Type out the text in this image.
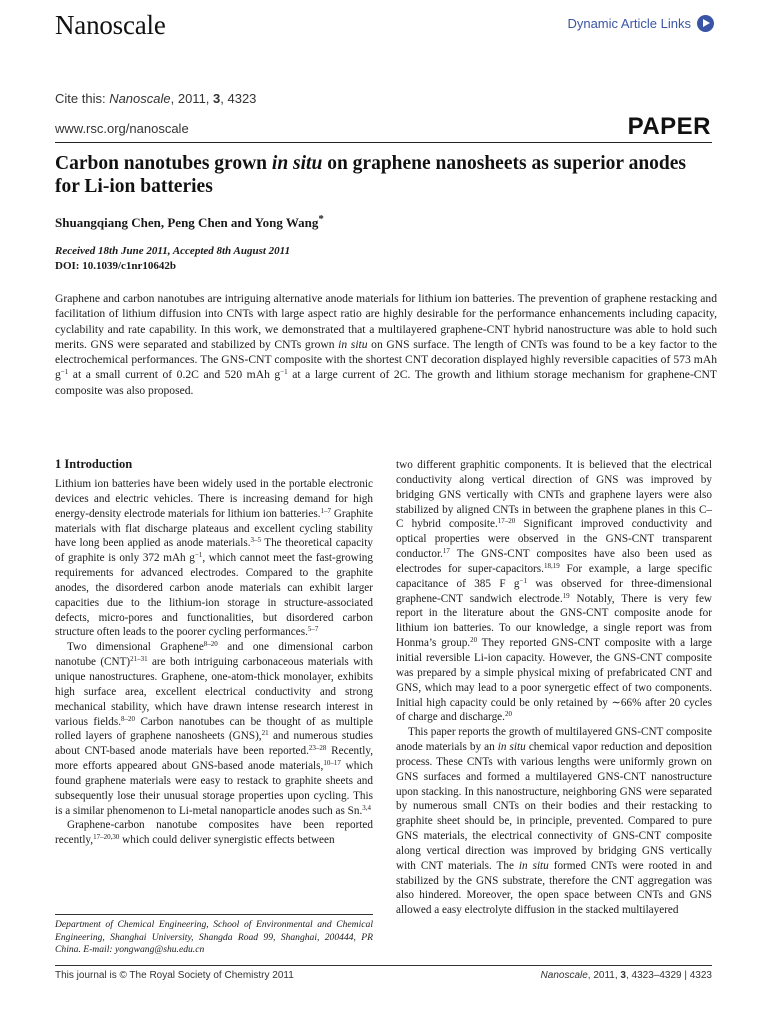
Nanoscale	Dynamic Article Links
Cite this: Nanoscale, 2011, 3, 4323
www.rsc.org/nanoscale	PAPER
Carbon nanotubes grown in situ on graphene nanosheets as superior anodes for Li-ion batteries
Shuangqiang Chen, Peng Chen and Yong Wang*
Received 18th June 2011, Accepted 8th August 2011
DOI: 10.1039/c1nr10642b
Graphene and carbon nanotubes are intriguing alternative anode materials for lithium ion batteries. The prevention of graphene restacking and facilitation of lithium diffusion into CNTs with large aspect ratio are highly desirable for the performance enhancements including capacity, cyclability and rate capability. In this work, we demonstrated that a multilayered graphene-CNT hybrid nanostructure was able to hold such merits. GNS were separated and stabilized by CNTs grown in situ on GNS surface. The length of CNTs was found to be a key factor to the electrochemical performances. The GNS-CNT composite with the shortest CNT decoration displayed highly reversible capacities of 573 mAh $g^{-1}$ at a small current of 0.2C and 520 mAh $g^{-1}$ at a large current of 2C. The growth and lithium storage mechanism for graphene-CNT composite was also proposed.
1 Introduction

Lithium ion batteries have been widely used in the portable electronic devices and electric vehicles. There is increasing demand for high energy-density electrode materials for lithium ion batteries.$^{1-7}$ Graphite materials with flat discharge plateaus and excellent cycling stability have long been applied as anode materials.$^{3-5}$ The theoretical capacity of graphite is only 372 mAh $g^{-1}$, which cannot meet the fast-growing requirements for advanced electrodes. Compared to the graphite anodes, the disordered carbon anode materials can exhibit larger capacities due to the lithium-ion storage in structure-associated defects, micro-pores and functionalities, but disordered carbon structure often leads to the poorer cycling performances.$^{5-7}$

Two dimensional Graphene$^{8-20}$ and one dimensional carbon nanotube (CNT)$^{21-31}$ are both intriguing carbonaceous materials with unique nanostructures. Graphene, one-atom-thick monolayer, exhibits high surface area, excellent electrical conductivity and strong mechanical stability, which have drawn intense research interest in various fields.$^{8-20}$ Carbon nanotubes can be thought of as multiple rolled layers of graphene nanosheets (GNS),$^{21}$ and numerous studies about CNT-based anode materials have been reported.$^{23-28}$ Recently, more efforts appeared about GNS-based anode materials,$^{10-17}$ which found graphene materials were easy to restack to graphite sheets and subsequently lose their unusual storage properties upon cycling. This is a similar phenomenon to Li-metal nanoparticle anodes such as Sn.$^{3,4}$

Graphene-carbon nanotube composites have been reported recently,$^{17-20,30}$ which could deliver synergistic effects between

two different graphitic components. It is believed that the electrical conductivity along vertical direction of GNS was improved by bridging GNS vertically with CNTs and graphene layers were also stabilized by aligned CNTs in between the graphene planes in this C–C hybrid composite.$^{17-20}$ Significant improved conductivity and optical properties were observed in the GNS-CNT transparent conductor.$^{17}$ The GNS-CNT composites have also been used as electrodes for super-capacitors.$^{18,19}$ For example, a large specific capacitance of 385 F $g^{-1}$ was observed for three-dimensional graphene-CNT sandwich electrode.$^{19}$ Notably, There is very few report in the literature about the GNS-CNT composite anode for lithium ion batteries. To our knowledge, a single report was from Honma’s group.$^{20}$ They reported GNS-CNT composite with a large initial reversible Li-ion capacity. However, the GNS-CNT composite was prepared by a simple physical mixing of prefabricated CNT and GNS, which may lead to a poor synergetic effect of two components. Initial high capacity could be only retained by ∼66% after 20 cycles of charge and discharge.$^{20}$

This paper reports the growth of multilayered GNS-CNT composite anode materials by an in situ chemical vapor reduction and deposition process. These CNTs with various lengths were uniformly grown on GNS surfaces and formed a multilayered GNS-CNT nanostructure upon stacking. In this nanostructure, neighboring GNS were separated by numerous small CNTs on their bodies and their restacking to graphite sheet should be, in principle, prevented. Compared to pure GNS materials, the electrical connectivity of GNS-CNT composite along vertical direction was improved by bridging GNS vertically with CNT materials. The in situ formed CNTs were rooted in and stabilized by the GNS substrate, therefore the CNT aggregation was also hindered. Moreover, the open space between CNTs and GNS allowed a easy electrolyte diffusion in the stacked multilayered

Department of Chemical Engineering, School of Environmental and Chemical Engineering, Shanghai University, Shangda Road 99, Shanghai, 200444, PR China. E-mail: yongwang@shu.edu.cn
This journal is © The Royal Society of Chemistry 2011	Nanoscale, 2011, 3, 4323–4329 | 4323
